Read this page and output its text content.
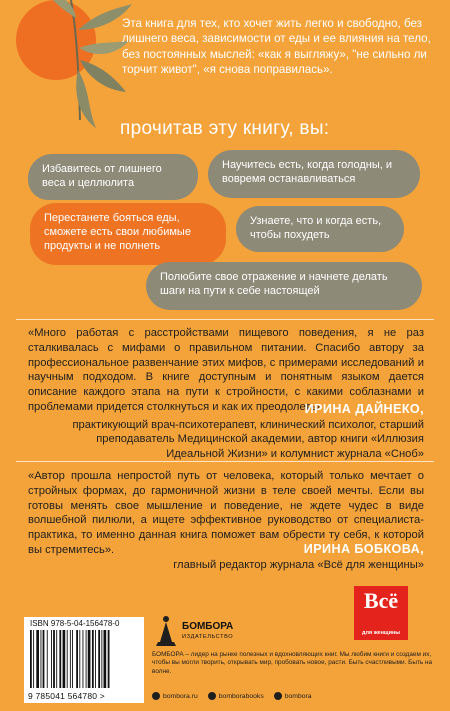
Эта книга для тех, кто хочет жить легко и свободно, без лишнего веса, зависимости от еды и ее влияния на тело, без постоянных мыслей: «как я выгляжу», "не сильно ли торчит живот", «я снова поправилась».
прочитав эту книгу, вы:
Избавитесь от лишнего веса и целлюлита
Научитесь есть, когда голодны, и вовремя останавливаться
Перестанете бояться еды, сможете есть свои любимые продукты и не полнеть
Узнаете, что и когда есть, чтобы похудеть
Полюбите свое отражение и начнете делать шаги на пути к себе настоящей
«Много работая с расстройствами пищевого поведения, я не раз сталкивалась с мифами о правильном питании. Спасибо автору за профессиональное развенчание этих мифов, с примерами исследований и научным подходом. В книге доступным и понятным языком дается описание каждого этапа на пути к стройности, с какими соблазнами и проблемами придется столкнуться и как их преодолеть».
ИРИНА ДАЙНЕКО,
практикующий врач-психотерапевт, клинический психолог, старший преподаватель Медицинской академии, автор книги «Иллюзия Идеальной Жизни» и колумнист журнала «Сноб»
«Автор прошла непростой путь от человека, который только мечтает о стройных формах, до гармоничной жизни в теле своей мечты. Если вы готовы менять свое мышление и поведение, не ждете чудес в виде волшебной пилюли, а ищете эффективное руководство от специалиста-практика, то именно данная книга поможет вам обрести ту себя, к которой вы стремитесь».	ИРИНА БОБКОВА,
главный редактор журнала «Всё для женщины»
ISBN 978-5-04-156478-0
9 785041 564780 >
БОМБОРА
ИЗДАТЕЛЬСТВО
Всё
для женщины
БОМБОРА – лидер на рынке полезных и вдохновляющих книг. Мы любим книги и создаем их, чтобы вы могли творить, открывать мир, пробовать новое, расти. Быть счастливыми. Быть на волне.
bombora.ru	bomborabooks	bombora
